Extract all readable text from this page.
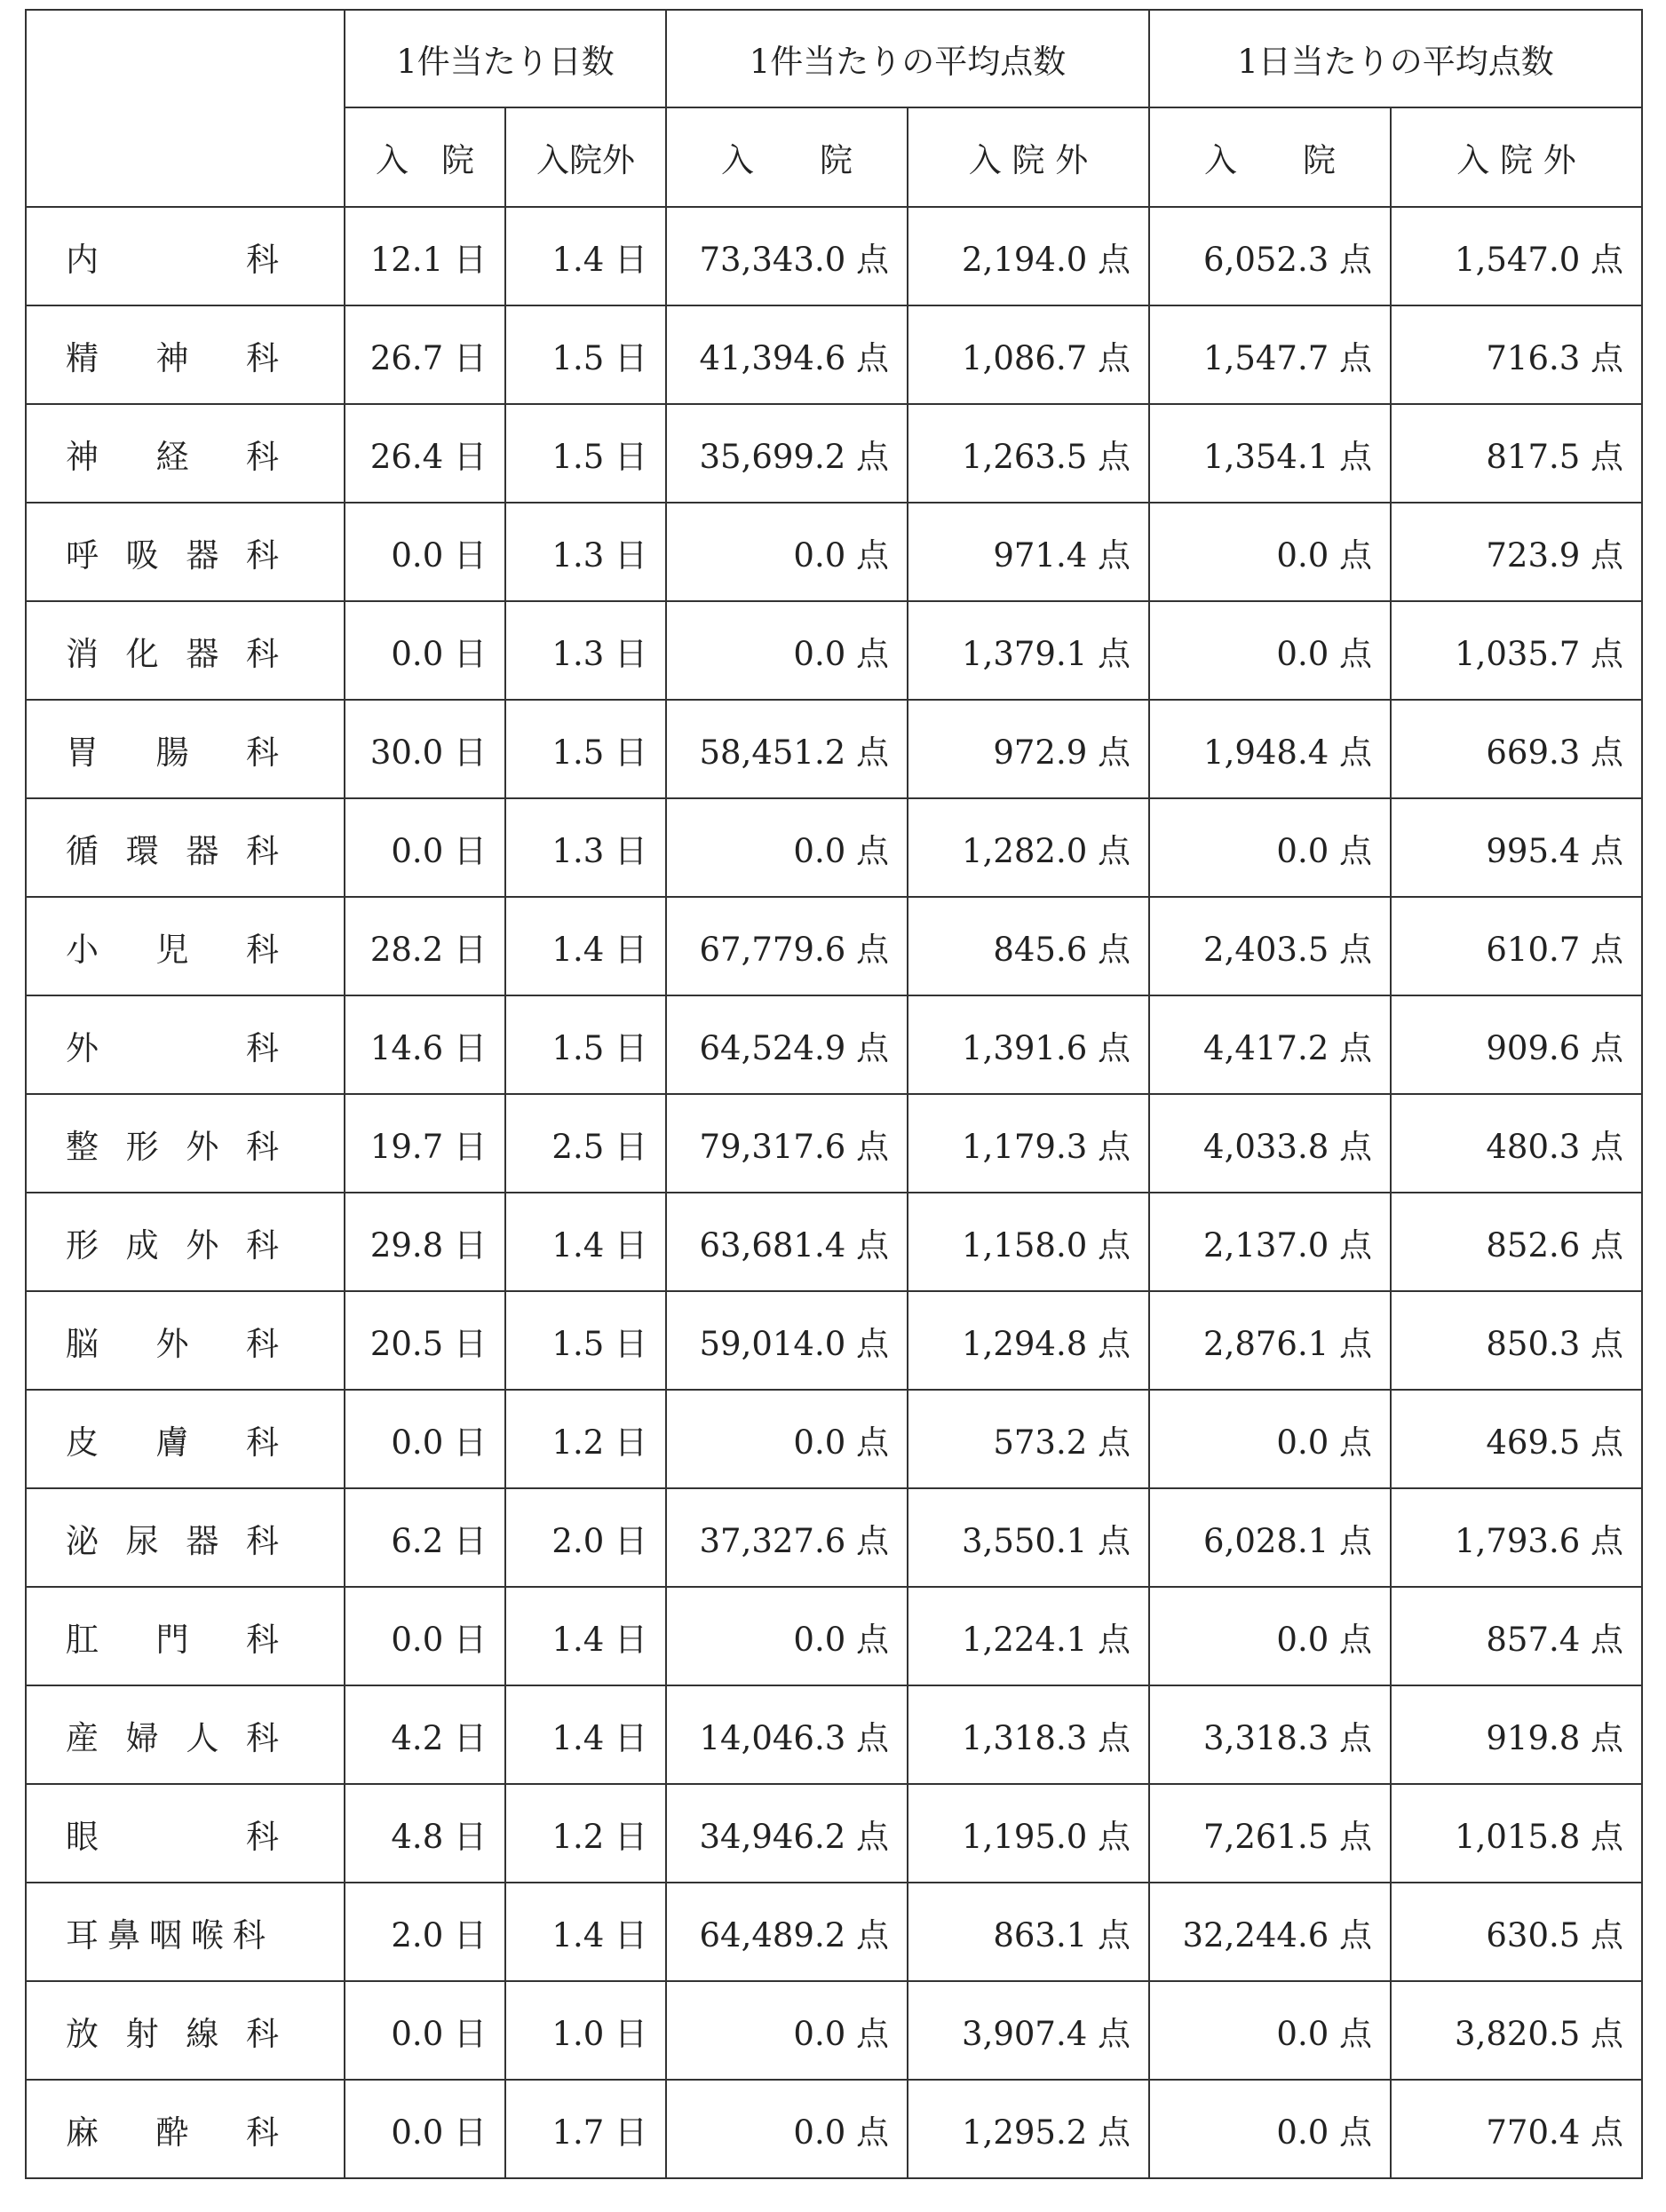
	1件当たり日数		1件当たりの平均点数		1日当たりの平均点数	
	入　院	入院外	入　　院	入 院 外	入　　院	入 院 外
内科	12.1 日	1.4 日	73,343.0 点	2,194.0 点	6,052.3 点	1,547.0 点
精神科	26.7 日	1.5 日	41,394.6 点	1,086.7 点	1,547.7 点	716.3 点
神経科	26.4 日	1.5 日	35,699.2 点	1,263.5 点	1,354.1 点	817.5 点
呼吸器科	0.0 日	1.3 日	0.0 点	971.4 点	0.0 点	723.9 点
消化器科	0.0 日	1.3 日	0.0 点	1,379.1 点	0.0 点	1,035.7 点
胃腸科	30.0 日	1.5 日	58,451.2 点	972.9 点	1,948.4 点	669.3 点
循環器科	0.0 日	1.3 日	0.0 点	1,282.0 点	0.0 点	995.4 点
小児科	28.2 日	1.4 日	67,779.6 点	845.6 点	2,403.5 点	610.7 点
外科	14.6 日	1.5 日	64,524.9 点	1,391.6 点	4,417.2 点	909.6 点
整形外科	19.7 日	2.5 日	79,317.6 点	1,179.3 点	4,033.8 点	480.3 点
形成外科	29.8 日	1.4 日	63,681.4 点	1,158.0 点	2,137.0 点	852.6 点
脳外科	20.5 日	1.5 日	59,014.0 点	1,294.8 点	2,876.1 点	850.3 点
皮膚科	0.0 日	1.2 日	0.0 点	573.2 点	0.0 点	469.5 点
泌尿器科	6.2 日	2.0 日	37,327.6 点	3,550.1 点	6,028.1 点	1,793.6 点
肛門科	0.0 日	1.4 日	0.0 点	1,224.1 点	0.0 点	857.4 点
産婦人科	4.2 日	1.4 日	14,046.3 点	1,318.3 点	3,318.3 点	919.8 点
眼科	4.8 日	1.2 日	34,946.2 点	1,195.0 点	7,261.5 点	1,015.8 点
耳鼻咽喉科	2.0 日	1.4 日	64,489.2 点	863.1 点	32,244.6 点	630.5 点
放射線科	0.0 日	1.0 日	0.0 点	3,907.4 点	0.0 点	3,820.5 点
麻酔科	0.0 日	1.7 日	0.0 点	1,295.2 点	0.0 点	770.4 点
